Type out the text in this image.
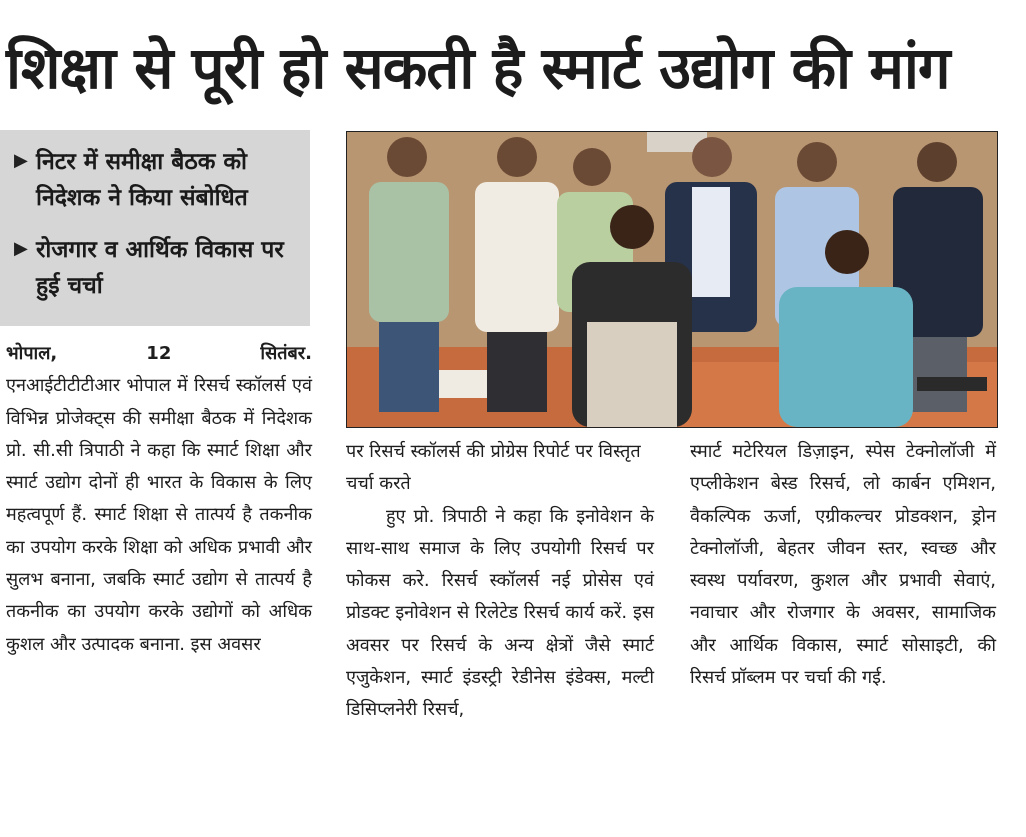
शिक्षा से पूरी हो सकती है स्मार्ट उद्योग की मांग
▶ निटर में समीक्षा बैठक को निदेशक ने किया संबोधित
▶ रोजगार व आर्थिक विकास पर हुई चर्चा
भोपाल,	12	सितंबर.

एनआईटीटीटीआर भोपाल में रिसर्च स्कॉलर्स एवं विभिन्न प्रोजेक्ट्स की समीक्षा बैठक में निदेशक प्रो. सी.सी त्रिपाठी ने कहा कि स्मार्ट शिक्षा और स्मार्ट उद्योग दोनों ही भारत के विकास के लिए महत्वपूर्ण हैं. स्मार्ट शिक्षा से तात्पर्य है तकनीक का उपयोग करके शिक्षा को अधिक प्रभावी और सुलभ बनाना, जबकि स्मार्ट उद्योग से तात्पर्य है तकनीक का उपयोग करके उद्योगों को अधिक कुशल और उत्पादक बनाना. इस अवसर

पर रिसर्च स्कॉलर्स की प्रोग्रेस रिपोर्ट पर विस्तृत चर्चा करते

हुए प्रो. त्रिपाठी ने कहा कि इनोवेशन के साथ-साथ समाज के लिए उपयोगी रिसर्च पर फोकस करे. रिसर्च स्कॉलर्स नई प्रोसेस एवं प्रोडक्ट इनोवेशन से रिलेटेड रिसर्च कार्य करें. इस अवसर पर रिसर्च के अन्य क्षेत्रों जैसे स्मार्ट एजुकेशन, स्मार्ट इंडस्ट्री रेडीनेस इंडेक्स, मल्टी डिसिप्लनेरी रिसर्च,

स्मार्ट मटेरियल डिज़ाइन, स्पेस टेक्नोलॉजी में एप्लीकेशन बेस्ड रिसर्च, लो कार्बन एमिशन, वैकल्पिक ऊर्जा, एग्रीकल्चर प्रोडक्शन, ड्रोन टेक्नोलॉजी, बेहतर जीवन स्तर, स्वच्छ और स्वस्थ पर्यावरण, कुशल और प्रभावी सेवाएं, नवाचार और रोजगार के अवसर, सामाजिक और आर्थिक विकास, स्मार्ट सोसाइटी, की रिसर्च प्रॉब्लम पर चर्चा की गई.
